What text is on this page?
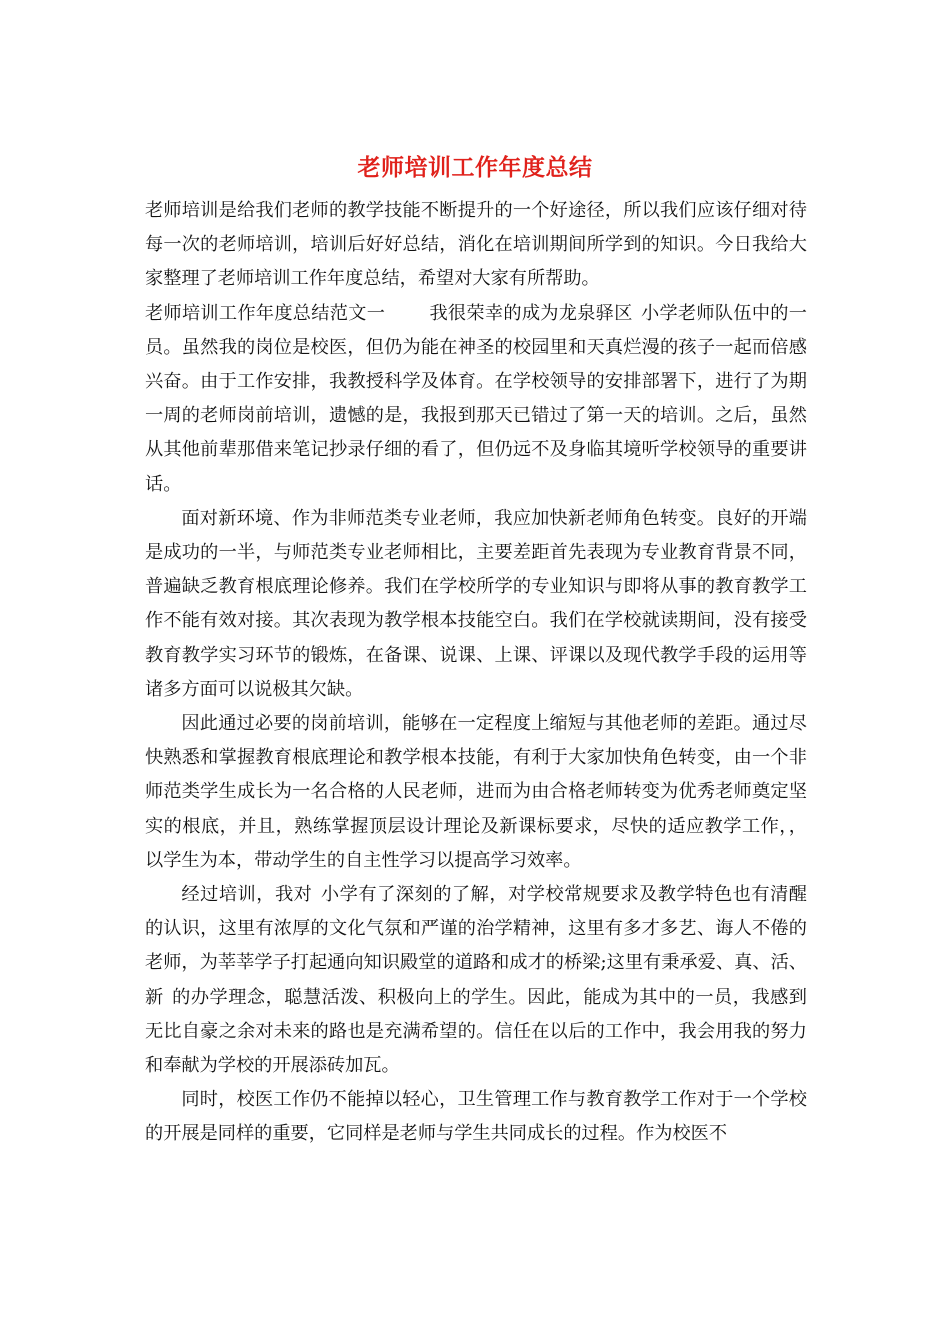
老师培训工作年度总结

老师培训是给我们老师的教学技能不断提升的一个好途径，所以我们应该仔细对待每一次的老师培训，培训后好好总结，消化在培训期间所学到的知识。今日我给大家整理了老师培训工作年度总结，希望对大家有所帮助。

老师培训工作年度总结范文一 我很荣幸的成为龙泉驿区 小学老师队伍中的一员。虽然我的岗位是校医，但仍为能在神圣的校园里和天真烂漫的孩子一起而倍感兴奋。由于工作安排，我教授科学及体育。在学校领导的安排部署下，进行了为期一周的老师岗前培训，遗憾的是，我报到那天已错过了第一天的培训。之后，虽然从其他前辈那借来笔记抄录仔细的看了，但仍远不及身临其境听学校领导的重要讲话。

面对新环境、作为非师范类专业老师，我应加快新老师角色转变。良好的开端是成功的一半，与师范类专业老师相比，主要差距首先表现为专业教育背景不同，普遍缺乏教育根底理论修养。我们在学校所学的专业知识与即将从事的教育教学工作不能有效对接。其次表现为教学根本技能空白。我们在学校就读期间，没有接受教育教学实习环节的锻炼，在备课、说课、上课、评课以及现代教学手段的运用等诸多方面可以说极其欠缺。

因此通过必要的岗前培训，能够在一定程度上缩短与其他老师的差距。通过尽快熟悉和掌握教育根底理论和教学根本技能，有利于大家加快角色转变，由一个非师范类学生成长为一名合格的人民老师，进而为由合格老师转变为优秀老师奠定坚实的根底，并且，熟练掌握顶层设计理论及新课标要求，尽快的适应教学工作，，以学生为本，带动学生的自主性学习以提高学习效率。

经过培训，我对 小学有了深刻的了解，对学校常规要求及教学特色也有清醒的认识，这里有浓厚的文化气氛和严谨的治学精神，这里有多才多艺、诲人不倦的老师，为莘莘学子打起通向知识殿堂的道路和成才的桥梁;这里有秉承爱、真、活、新 的办学理念，聪慧活泼、积极向上的学生。因此，能成为其中的一员，我感到无比自豪之余对未来的路也是充满希望的。信任在以后的工作中，我会用我的努力和奉献为学校的开展添砖加瓦。

同时，校医工作仍不能掉以轻心，卫生管理工作与教育教学工作对于一个学校的开展是同样的重要，它同样是老师与学生共同成长的过程。作为校医不
